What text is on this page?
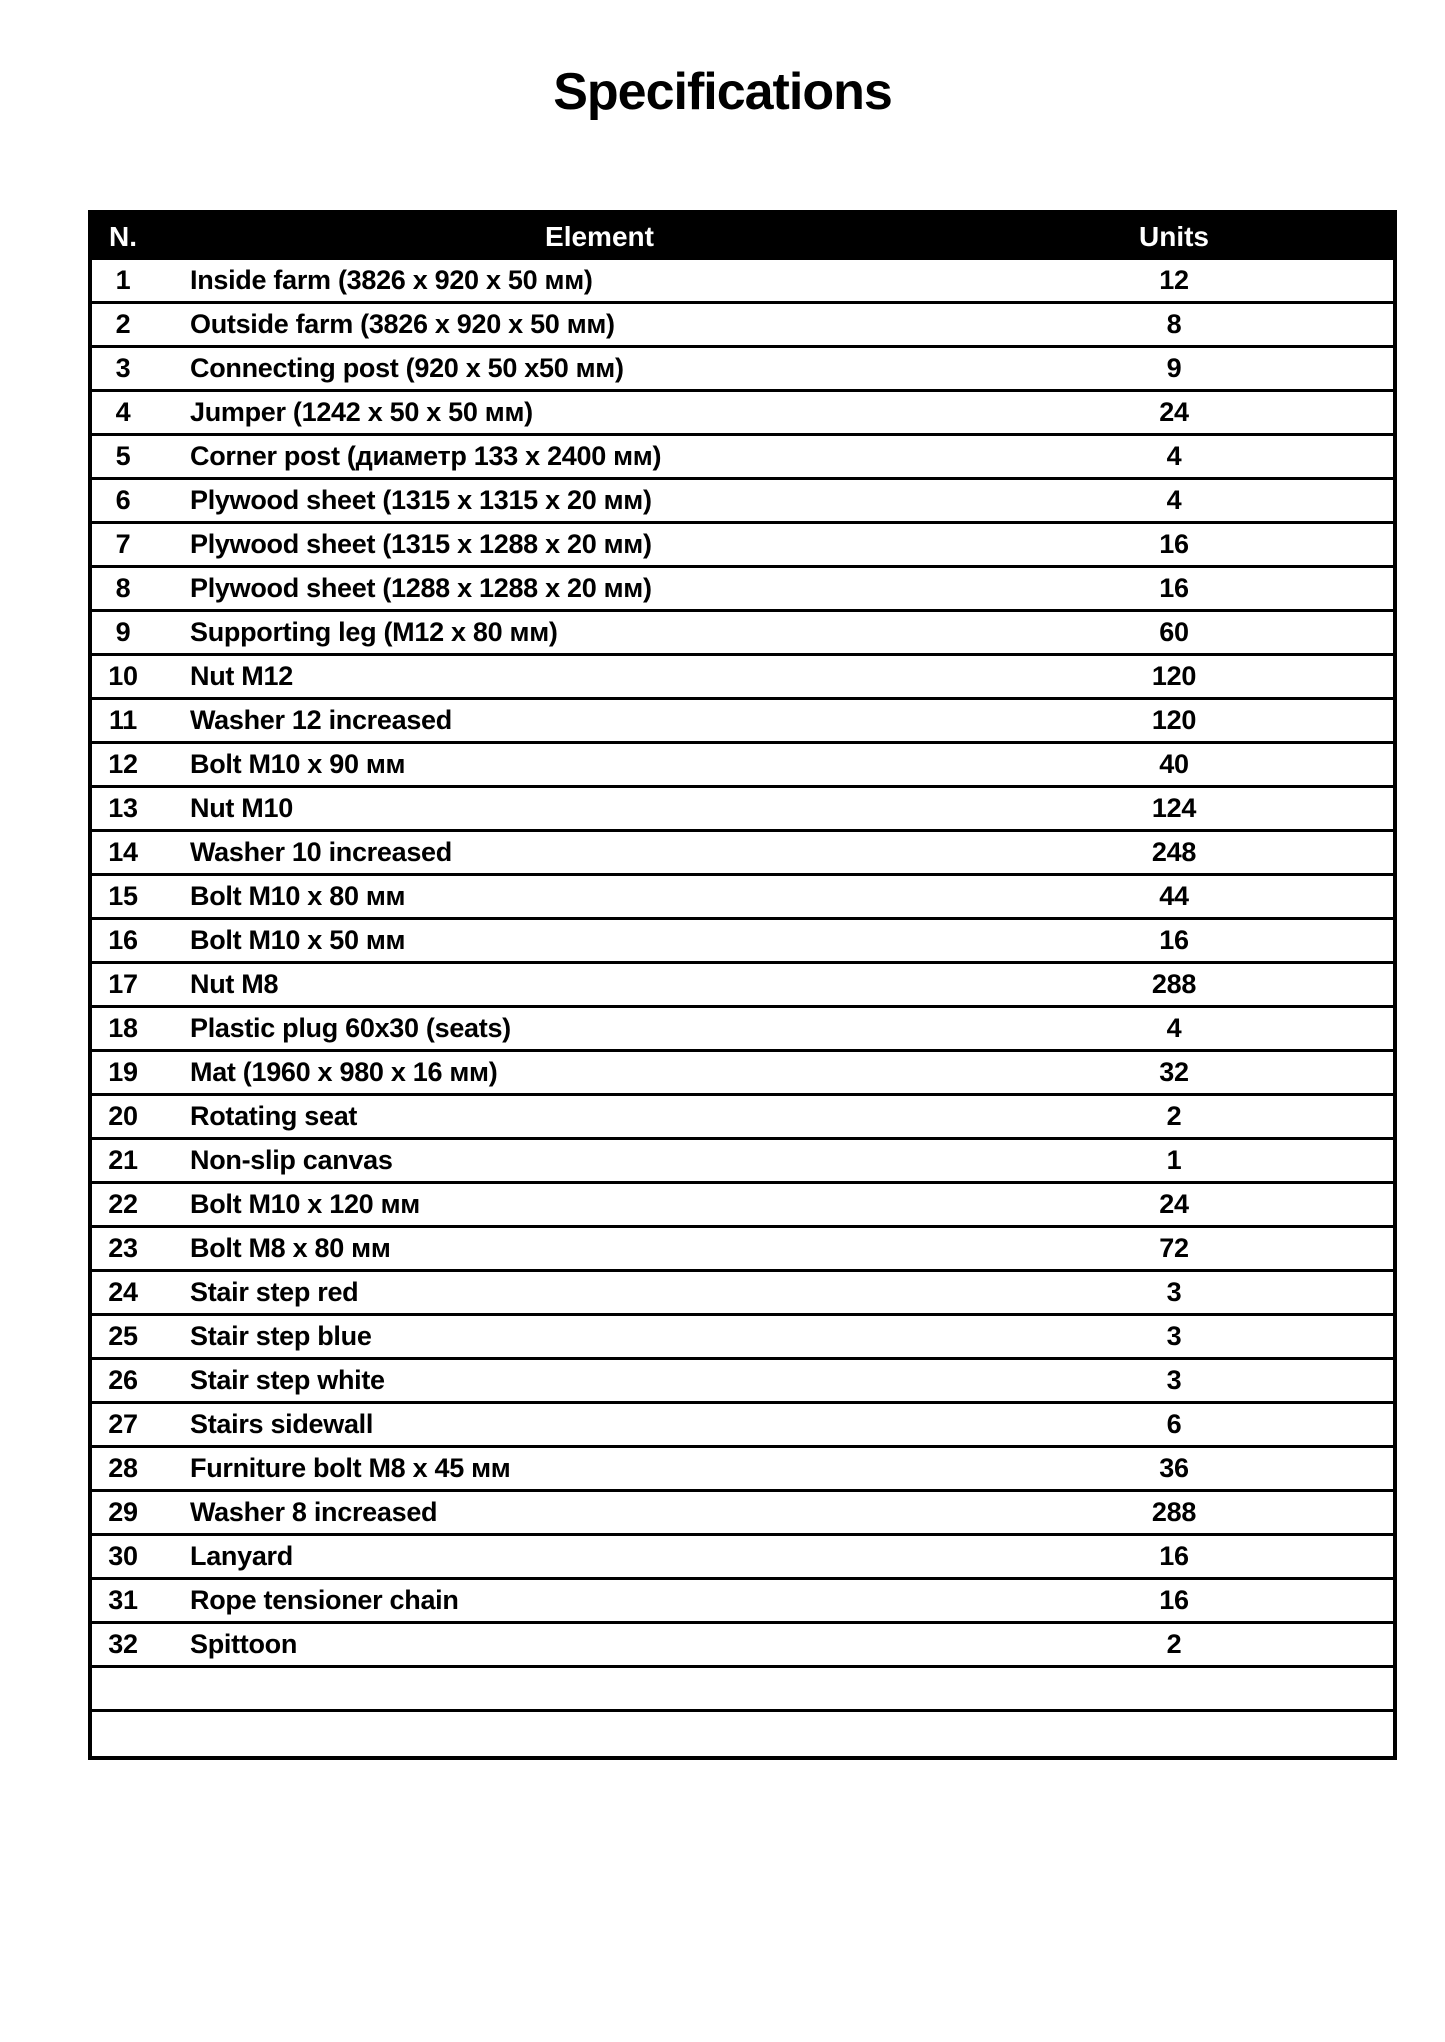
Specifications
N.	Element	Units
1	Inside farm (3826 x 920 x 50 мм)	12
2	Outside farm (3826 x 920 x 50 мм)	8
3	Connecting post (920 x 50 x50 мм)	9
4	Jumper (1242 x 50 x 50 мм)	24
5	Corner post (диаметр 133 x 2400 мм)	4
6	Plywood sheet (1315 x 1315 x 20 мм)	4
7	Plywood sheet (1315 x 1288 x 20 мм)	16
8	Plywood sheet (1288 x 1288 x 20 мм)	16
9	Supporting leg (M12 x 80 мм)	60
10	Nut M12	120
11	Washer 12 increased	120
12	Bolt M10 x 90 мм	40
13	Nut M10	124
14	Washer 10 increased	248
15	Bolt M10 x 80 мм	44
16	Bolt M10 x 50 мм	16
17	Nut M8	288
18	Plastic plug 60x30 (seats)	4
19	Mat (1960 x 980 x 16 мм)	32
20	Rotating seat	2
21	Non-slip canvas	1
22	Bolt M10 x 120 мм	24
23	Bolt M8 x 80 мм	72
24	Stair step red	3
25	Stair step blue	3
26	Stair step white	3
27	Stairs sidewall	6
28	Furniture bolt M8 x 45 мм	36
29	Washer 8 increased	288
30	Lanyard	16
31	Rope tensioner chain	16
32	Spittoon	2
